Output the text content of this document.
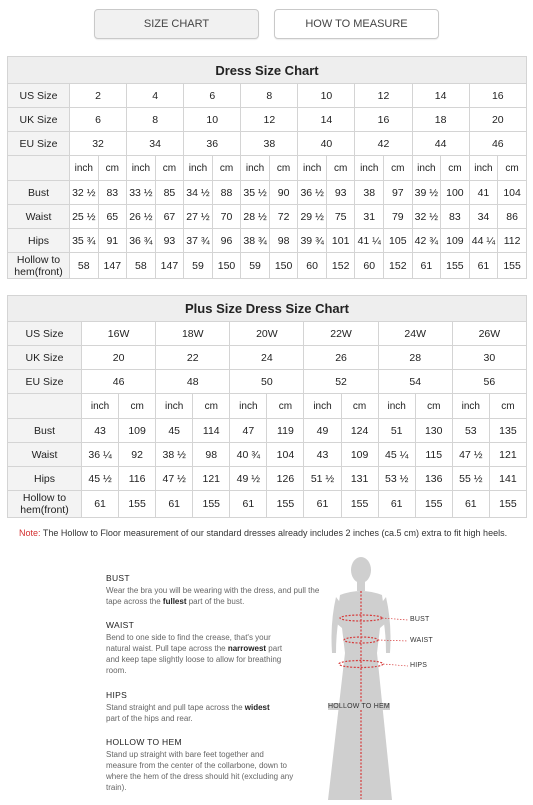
SIZE CHART	HOW TO MEASURE
Dress Size Chart																
US Size	2		4		6		8		10		12		14		16	
UK Size	6		8		10		12		14		16		18		20	
EU Size	32		34		36		38		40		42		44		46	
	inch	cm	inch	cm	inch	cm	inch	cm	inch	cm	inch	cm	inch	cm	inch	cm
Bust	32 ½	83	33 ½	85	34 ½	88	35 ½	90	36 ½	93	38	97	39 ½	100	41	104
Waist	25 ½	65	26 ½	67	27 ½	70	28 ½	72	29 ½	75	31	79	32 ½	83	34	86
Hips	35 ¾	91	36 ¾	93	37 ¾	96	38 ¾	98	39 ¾	101	41 ¼	105	42 ¾	109	44 ¼	112
Hollow to hem(front)	58	147	58	147	59	150	59	150	60	152	60	152	61	155	61	155
Plus Size Dress Size Chart												
US Size	16W		18W		20W		22W		24W		26W	
UK Size	20		22		24		26		28		30	
EU Size	46		48		50		52		54		56	
	inch	cm	inch	cm	inch	cm	inch	cm	inch	cm	inch	cm
Bust	43	109	45	114	47	119	49	124	51	130	53	135
Waist	36 ¼	92	38 ½	98	40 ¾	104	43	109	45 ¼	115	47 ½	121
Hips	45 ½	116	47 ½	121	49 ½	126	51 ½	131	53 ½	136	55 ½	141
Hollow to hem(front)	61	155	61	155	61	155	61	155	61	155	61	155
Note: The Hollow to Floor measurement of our standard dresses already includes 2 inches (ca.5 cm) extra to fit high heels.
BUST
Wear the bra you will be wearing with the dress, and pull the tape across the fullest part of the bust.
WAIST
Bend to one side to find the crease, that's your natural waist. Pull tape across the narrowest part and keep tape slightly loose to allow for breathing room.
HIPS
Stand straight and pull tape across the widest part of the hips and rear.
HOLLOW TO HEM
Stand up straight with bare feet together and measure from the center of the collarbone, down to where the hem of the dress should hit (excluding any train).
BUST
WAIST
HIPS
HOLLOW TO HEM
